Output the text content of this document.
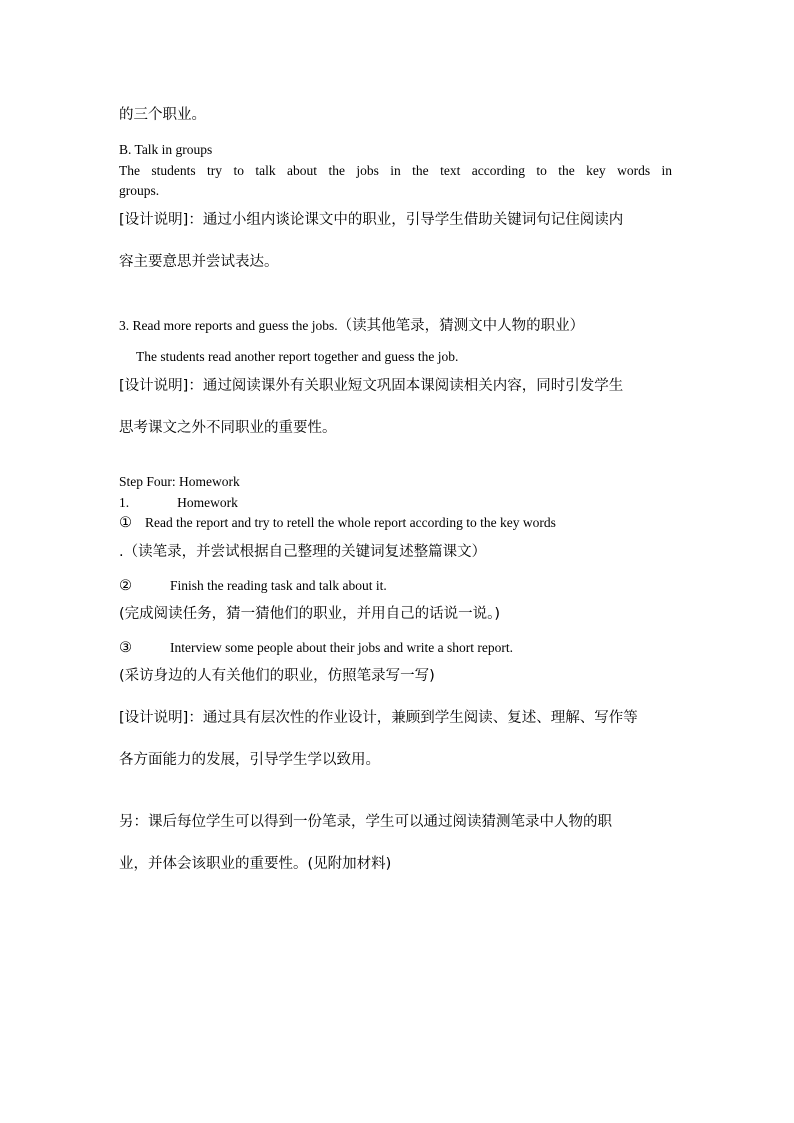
的三个职业。
B. Talk in groups
The students try to talk about the jobs in the text according to the key words in
groups.
[设计说明]：通过小组内谈论课文中的职业，引导学生借助关键词句记住阅读内
容主要意思并尝试表达。
3. Read more reports and guess the jobs.（读其他笔录，猜测文中人物的职业）
The students read another report together and guess the job.
[设计说明]：通过阅读课外有关职业短文巩固本课阅读相关内容，同时引发学生
思考课文之外不同职业的重要性。
Step Four: Homework
1.	Homework
① Read the report and try to retell the whole report according to the key words
.（读笔录，并尝试根据自己整理的关键词复述整篇课文）
②	Finish the reading task and talk about it.
(完成阅读任务，猜一猜他们的职业，并用自己的话说一说。)
③	Interview some people about their jobs and write a short report.
(采访身边的人有关他们的职业，仿照笔录写一写)
[设计说明]：通过具有层次性的作业设计，兼顾到学生阅读、复述、理解、写作等
各方面能力的发展，引导学生学以致用。
另：课后每位学生可以得到一份笔录，学生可以通过阅读猜测笔录中人物的职
业，并体会该职业的重要性。(见附加材料)
